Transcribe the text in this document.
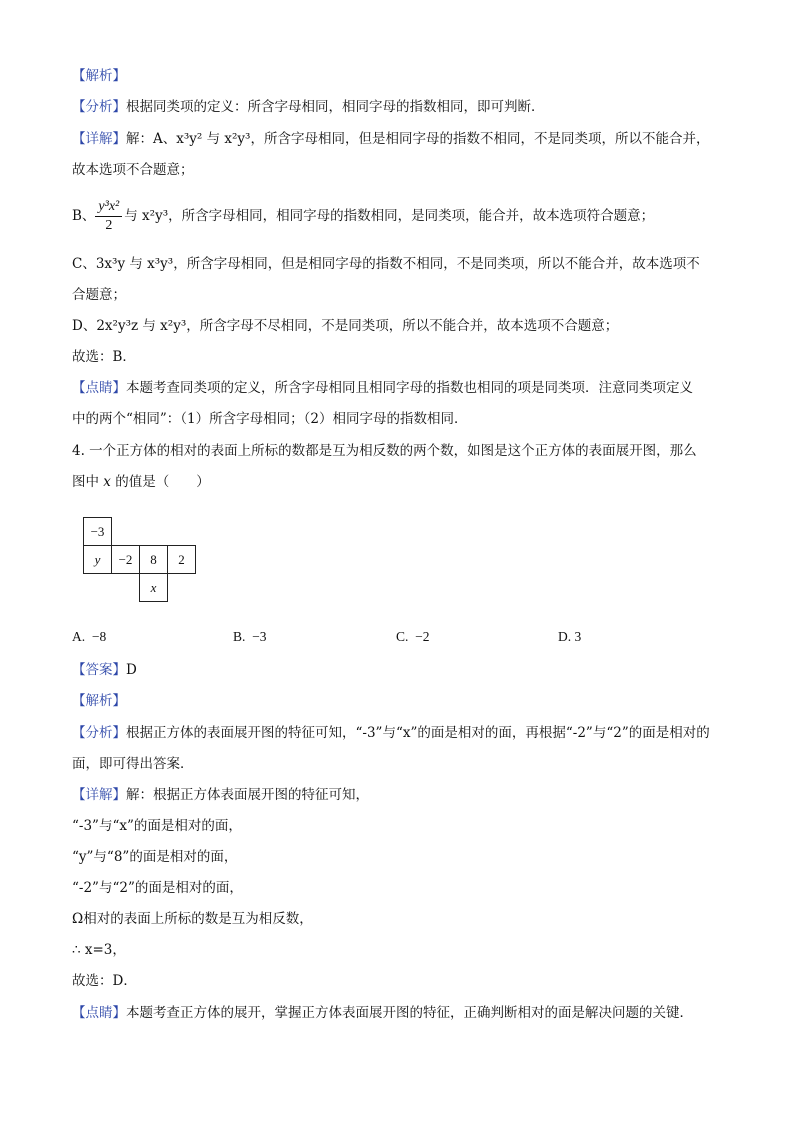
【解析】
【分析】根据同类项的定义：所含字母相同，相同字母的指数相同，即可判断．
【详解】解：A、x³y² 与 x²y³，所含字母相同，但是相同字母的指数不相同，不是同类项，所以不能合并，
故本选项不合题意；
B、 $\frac{\text{y³x²}}{2}$ 与 x²y³，所含字母相同，相同字母的指数相同，是同类项，能合并，故本选项符合题意；
C、3x³y 与 x³y³，所含字母相同，但是相同字母的指数不相同，不是同类项，所以不能合并，故本选项不
合题意；
D、2x²y³z 与 x²y³，所含字母不尽相同，不是同类项，所以不能合并，故本选项不合题意；
故选：B．
【点睛】本题考查同类项的定义，所含字母相同且相同字母的指数也相同的项是同类项．注意同类项定义
中的两个“相同”：（1）所含字母相同；（2）相同字母的指数相同．
4. 一个正方体的相对的表面上所标的数都是互为相反数的两个数，如图是这个正方体的表面展开图，那么
图中 x 的值是（　　）
−3
y	−2	8	2
x
A. −8	B. −3	C. −2	D. 3
【答案】D
【解析】
【分析】根据正方体的表面展开图的特征可知，“-3”与“x”的面是相对的面，再根据“-2”与“2”的面是相对的
面，即可得出答案．
【详解】解：根据正方体表面展开图的特征可知，
“-3”与“x”的面是相对的面，
“y”与“8”的面是相对的面，
“-2”与“2”的面是相对的面，
Ω相对的表面上所标的数是互为相反数，
∴ x=3，
故选：D．
【点睛】本题考查正方体的展开，掌握正方体表面展开图的特征，正确判断相对的面是解决问题的关键．
